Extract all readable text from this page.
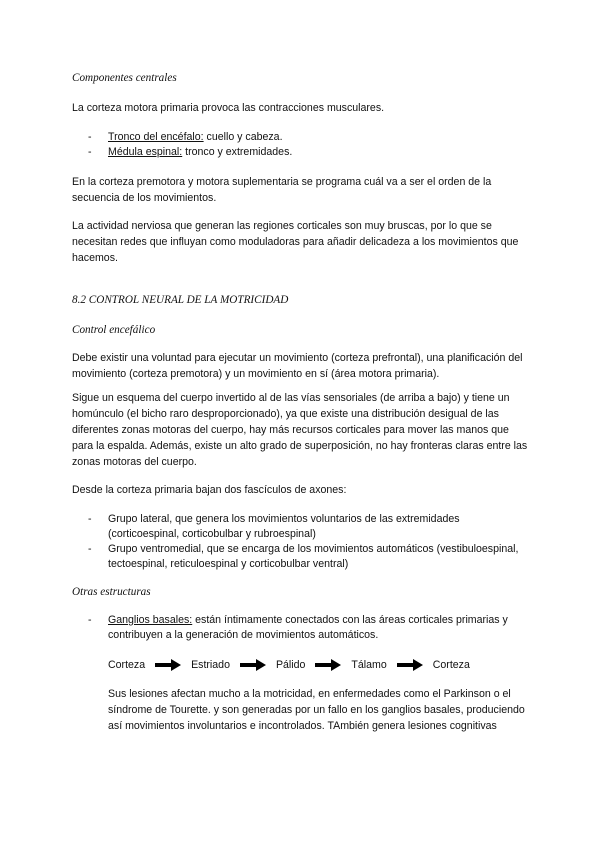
Componentes centrales

La corteza motora primaria provoca las contracciones musculares.

- Tronco del encéfalo: cuello y cabeza.
- Médula espinal: tronco y extremidades.

En la corteza premotora y motora suplementaria se programa cuál va a ser el orden de la secuencia de los movimientos.

La actividad nerviosa que generan las regiones corticales son muy bruscas, por lo que se necesitan redes que influyan como moduladoras para añadir delicadeza a los movimientos que hacemos.

8.2 CONTROL NEURAL DE LA MOTRICIDAD

Control encefálico

Debe existir una voluntad para ejecutar un movimiento (corteza prefrontal), una planificación del movimiento (corteza premotora) y un movimiento en sí (área motora primaria).

Sigue un esquema del cuerpo invertido al de las vías sensoriales (de arriba a bajo) y tiene un homúnculo (el bicho raro desproporcionado), ya que existe una distribución desigual de las diferentes zonas motoras del cuerpo, hay más recursos corticales para mover las manos que para la espalda. Además, existe un alto grado de superposición, no hay fronteras claras entre las zonas motoras del cuerpo.

Desde la corteza primaria bajan dos fascículos de axones:

- Grupo lateral, que genera los movimientos voluntarios de las extremidades (corticoespinal, corticobulbar y rubroespinal)
- Grupo ventromedial, que se encarga de los movimientos automáticos (vestibuloespinal, tectoespinal, reticuloespinal y corticobulbar ventral)

Otras estructuras

- Ganglios basales: están íntimamente conectados con las áreas corticales primarias y contribuyen a la generación de movimientos automáticos.
Corteza	Estriado	Pálido	Tálamo	Corteza

Sus lesiones afectan mucho a la motricidad, en enfermedades como el Parkinson o el síndrome de Tourette. y son generadas por un fallo en los ganglios basales, produciendo así movimientos involuntarios e incontrolados. TAmbién genera lesiones cognitivas
